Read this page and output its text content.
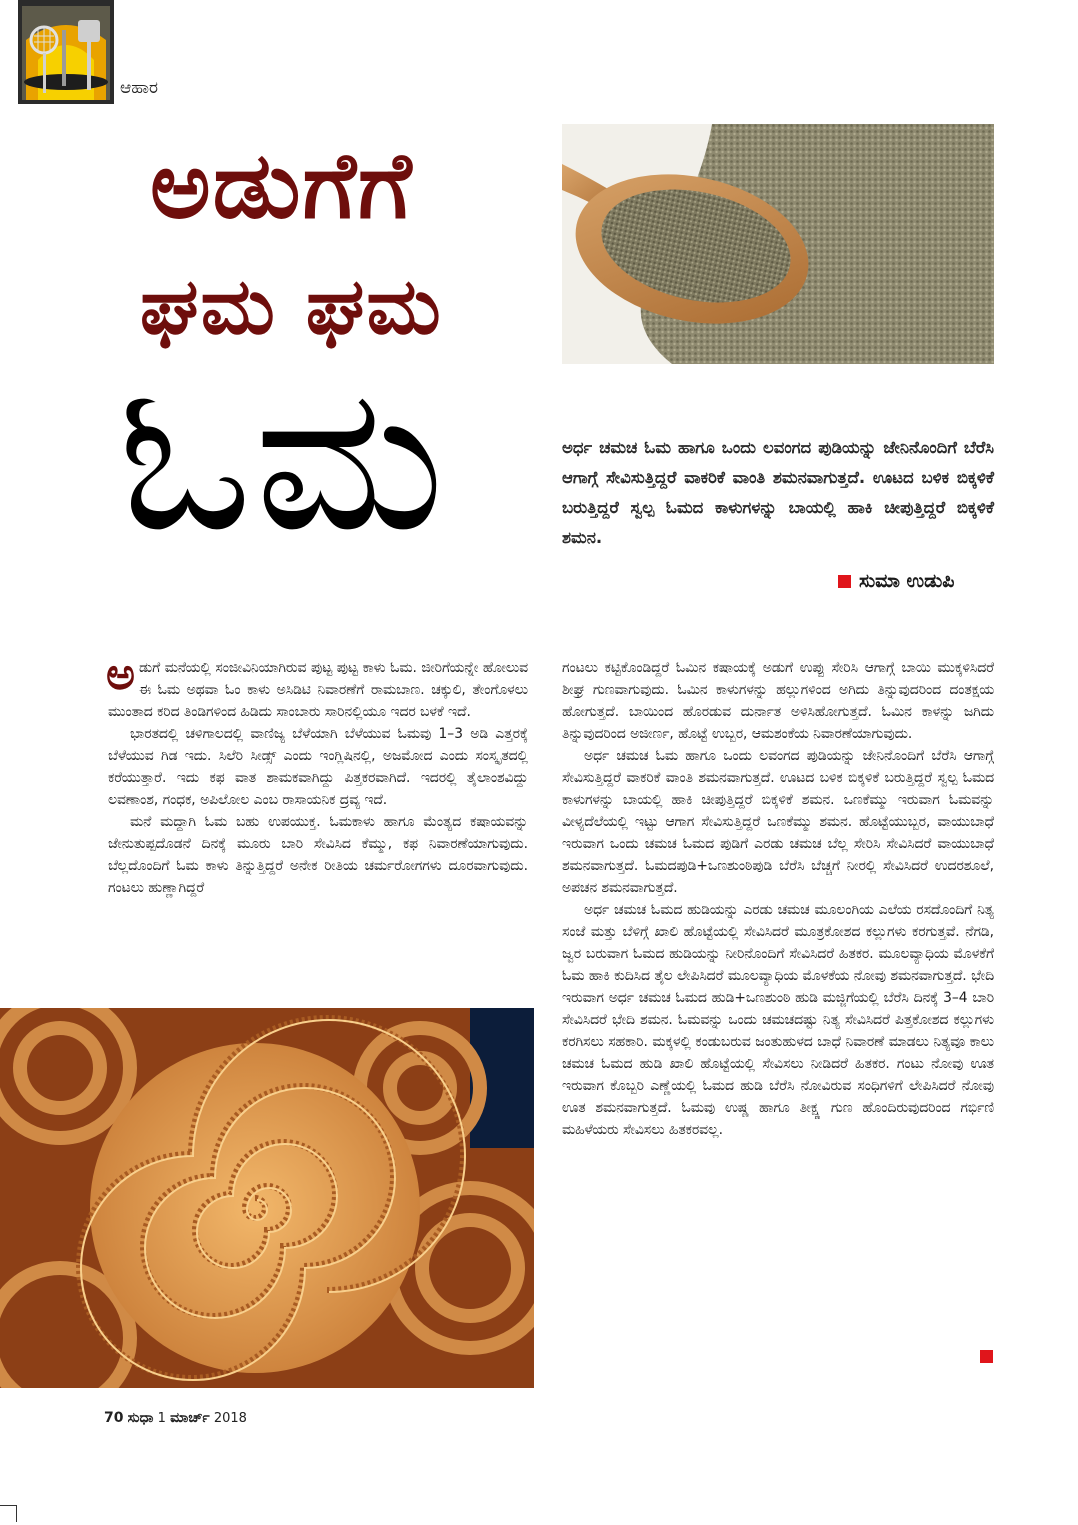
ಆಹಾರ
ಅಡುಗೆಗೆ
ಘಮ ಘಮ
ಓಮ	ಅರ್ಧ ಚಮಚ ಓಮ ಹಾಗೂ ಒಂದು ಲವಂಗದ ಪುಡಿಯನ್ನು ಜೇನಿನೊಂದಿಗೆ ಬೆರೆಸಿ ಆಗಾಗ್ಗೆ ಸೇವಿಸುತ್ತಿದ್ದರೆ ವಾಕರಿಕೆ ವಾಂತಿ ಶಮನವಾಗುತ್ತದೆ. ಊಟದ ಬಳಿಕ ಬಿಕ್ಕಳಿಕೆ ಬರುತ್ತಿದ್ದರೆ ಸ್ವಲ್ಪ ಓಮದ ಕಾಳುಗಳನ್ನು ಬಾಯಲ್ಲಿ ಹಾಕಿ ಚೀಪುತ್ತಿದ್ದರೆ ಬಿಕ್ಕಳಿಕೆ ಶಮನ.
ಸುಮಾ ಉಡುಪಿ

ಅಡುಗೆ ಮನೆಯಲ್ಲಿ ಸಂಜೀವಿನಿಯಾಗಿರುವ ಪುಟ್ಟ ಪುಟ್ಟ ಕಾಳು ಓಮ. ಜೀರಿಗೆಯನ್ನೇ ಹೋಲುವ ಈ ಓಮ ಅಥವಾ ಓಂ ಕಾಳು ಅಸಿಡಿಟಿ ನಿವಾರಣೆಗೆ ರಾಮಬಾಣ. ಚಕ್ಕುಲಿ, ತೇಂಗೊಳಲು ಮುಂತಾದ ಕರಿದ ತಿಂಡಿಗಳಿಂದ ಹಿಡಿದು ಸಾಂಬಾರು ಸಾರಿನಲ್ಲಿಯೂ ಇದರ ಬಳಕೆ ಇದೆ.

ಭಾರತದಲ್ಲಿ ಚಳಿಗಾಲದಲ್ಲಿ ವಾಣಿಜ್ಯ ಬೆಳೆಯಾಗಿ ಬೆಳೆಯುವ ಓಮವು 1–3 ಅಡಿ ಎತ್ತರಕ್ಕೆ ಬೆಳೆಯುವ ಗಿಡ ಇದು. ಸಿಲೆರಿ ಸೀಡ್ಸ್ ಎಂದು ಇಂಗ್ಲಿಷಿನಲ್ಲಿ, ಅಜಮೋದ ಎಂದು ಸಂಸ್ಕೃತದಲ್ಲಿ ಕರೆಯುತ್ತಾರೆ. ಇದು ಕಫ ವಾತ ಶಾಮಕವಾಗಿದ್ದು ಪಿತ್ತಕರವಾಗಿದೆ. ಇದರಲ್ಲಿ ತೈಲಾಂಶವಿದ್ದು ಲವಣಾಂಶ, ಗಂಧಕ, ಅಪಿಲೋಲ ಎಂಬ ರಾಸಾಯನಿಕ ದ್ರವ್ಯ ಇದೆ.

ಮನೆ ಮದ್ದಾಗಿ ಓಮ ಬಹು ಉಪಯುಕ್ತ. ಓಮಕಾಳು ಹಾಗೂ ಮೆಂತ್ಯದ ಕಷಾಯವನ್ನು ಜೇನುತುಪ್ಪದೊಡನೆ ದಿನಕ್ಕೆ ಮೂರು ಬಾರಿ ಸೇವಿಸಿದ ಕೆಮ್ಮು, ಕಫ ನಿವಾರಣೆಯಾಗುವುದು. ಬೆಲ್ಲದೊಂದಿಗೆ ಓಮ ಕಾಳು ತಿನ್ನುತ್ತಿದ್ದರೆ ಅನೇಕ ರೀತಿಯ ಚರ್ಮರೋಗಗಳು ದೂರವಾಗುವುದು. ಗಂಟಲು ಹುಣ್ಣಾಗಿದ್ದರೆ

ಗಂಟಲು ಕಟ್ಟಿಕೊಂಡಿದ್ದರೆ ಓಮಿನ ಕಷಾಯಕ್ಕೆ ಅಡುಗೆ ಉಪ್ಪು ಸೇರಿಸಿ ಆಗಾಗ್ಗೆ ಬಾಯಿ ಮುಕ್ಕಳಿಸಿದರೆ ಶೀಘ್ರ ಗುಣವಾಗುವುದು. ಓಮಿನ ಕಾಳುಗಳನ್ನು ಹಲ್ಲುಗಳಿಂದ ಅಗಿದು ತಿನ್ನುವುದರಿಂದ ದಂತಕ್ಷಯ ಹೋಗುತ್ತದೆ. ಬಾಯಿಂದ ಹೊರಡುವ ದುರ್ನಾತ ಅಳಿಸಿಹೋಗುತ್ತದೆ. ಓಮಿನ ಕಾಳನ್ನು ಜಗಿದು ತಿನ್ನುವುದರಿಂದ ಅಜೀರ್ಣ, ಹೊಟ್ಟೆ ಉಬ್ಬರ, ಆಮಶಂಕೆಯ ನಿವಾರಣೆಯಾಗುವುದು.

ಅರ್ಧ ಚಮಚ ಓಮ ಹಾಗೂ ಒಂದು ಲವಂಗದ ಪುಡಿಯನ್ನು ಜೇನಿನೊಂದಿಗೆ ಬೆರೆಸಿ ಆಗಾಗ್ಗೆ ಸೇವಿಸುತ್ತಿದ್ದರೆ ವಾಕರಿಕೆ ವಾಂತಿ ಶಮನವಾಗುತ್ತದೆ. ಊಟದ ಬಳಿಕ ಬಿಕ್ಕಳಿಕೆ ಬರುತ್ತಿದ್ದರೆ ಸ್ವಲ್ಪ ಓಮದ ಕಾಳುಗಳನ್ನು ಬಾಯಲ್ಲಿ ಹಾಕಿ ಚೀಪುತ್ತಿದ್ದರೆ ಬಿಕ್ಕಳಿಕೆ ಶಮನ. ಒಣಕೆಮ್ಮು ಇರುವಾಗ ಓಮವನ್ನು ವೀಳ್ಯದೆಲೆಯಲ್ಲಿ ಇಟ್ಟು ಆಗಾಗ ಸೇವಿಸುತ್ತಿದ್ದರೆ ಒಣಕೆಮ್ಮು ಶಮನ. ಹೊಟ್ಟೆಯುಬ್ಬರ, ವಾಯುಬಾಧೆ ಇರುವಾಗ ಒಂದು ಚಮಚ ಓಮದ ಪುಡಿಗೆ ಎರಡು ಚಮಚ ಬೆಲ್ಲ ಸೇರಿಸಿ ಸೇವಿಸಿದರೆ ವಾಯುಬಾಧೆ ಶಮನವಾಗುತ್ತದೆ. ಓಮದಪುಡಿ+ಒಣಶುಂಠಿಪುಡಿ ಬೆರೆಸಿ ಬೆಚ್ಚಗೆ ನೀರಲ್ಲಿ ಸೇವಿಸಿದರೆ ಉದರಶೂಲೆ, ಅಪಚನ ಶಮನವಾಗುತ್ತದೆ.

ಅರ್ಧ ಚಮಚ ಓಮದ ಹುಡಿಯನ್ನು ಎರಡು ಚಮಚ ಮೂಲಂಗಿಯ ಎಲೆಯ ರಸದೊಂದಿಗೆ ನಿತ್ಯ ಸಂಜೆ ಮತ್ತು ಬೆಳಿಗ್ಗೆ ಖಾಲಿ ಹೊಟ್ಟೆಯಲ್ಲಿ ಸೇವಿಸಿದರೆ ಮೂತ್ರಕೋಶದ ಕಲ್ಲುಗಳು ಕರಗುತ್ತವೆ. ನೆಗಡಿ, ಜ್ವರ ಬರುವಾಗ ಓಮದ ಹುಡಿಯನ್ನು ನೀರಿನೊಂದಿಗೆ ಸೇವಿಸಿದರೆ ಹಿತಕರ. ಮೂಲವ್ಯಾಧಿಯ ಮೊಳಕೆಗೆ ಓಮ ಹಾಕಿ ಕುದಿಸಿದ ತೈಲ ಲೇಪಿಸಿದರೆ ಮೂಲವ್ಯಾಧಿಯ ಮೊಳಕೆಯ ನೋವು ಶಮನವಾಗುತ್ತದೆ. ಭೇದಿ ಇರುವಾಗ ಅರ್ಧ ಚಮಚ ಓಮದ ಹುಡಿ+ಒಣಶುಂಠಿ ಹುಡಿ ಮಜ್ಜಿಗೆಯಲ್ಲಿ ಬೆರೆಸಿ ದಿನಕ್ಕೆ 3–4 ಬಾರಿ ಸೇವಿಸಿದರೆ ಭೇದಿ ಶಮನ. ಓಮವನ್ನು ಒಂದು ಚಮಚದಷ್ಟು ನಿತ್ಯ ಸೇವಿಸಿದರೆ ಪಿತ್ತಕೋಶದ ಕಲ್ಲುಗಳು ಕರಗಿಸಲು ಸಹಕಾರಿ. ಮಕ್ಕಳಲ್ಲಿ ಕಂಡುಬರುವ ಜಂತುಹುಳದ ಬಾಧೆ ನಿವಾರಣೆ ಮಾಡಲು ನಿತ್ಯವೂ ಕಾಲು ಚಮಚ ಓಮದ ಹುಡಿ ಖಾಲಿ ಹೊಟ್ಟೆಯಲ್ಲಿ ಸೇವಿಸಲು ನೀಡಿದರೆ ಹಿತಕರ. ಗಂಟು ನೋವು ಊತ ಇರುವಾಗ ಕೊಬ್ಬರಿ ಎಣ್ಣೆಯಲ್ಲಿ ಓಮದ ಹುಡಿ ಬೆರೆಸಿ ನೋವಿರುವ ಸಂಧಿಗಳಿಗೆ ಲೇಪಿಸಿದರೆ ನೋವು ಊತ ಶಮನವಾಗುತ್ತದೆ. ಓಮವು ಉಷ್ಣ ಹಾಗೂ ತೀಕ್ಷ್ಣ ಗುಣ ಹೊಂದಿರುವುದರಿಂದ ಗರ್ಭಿಣಿ ಮಹಿಳೆಯರು ಸೇವಿಸಲು ಹಿತಕರವಲ್ಲ.

70 ಸುಧಾ 1 ಮಾರ್ಚ್ 2018
